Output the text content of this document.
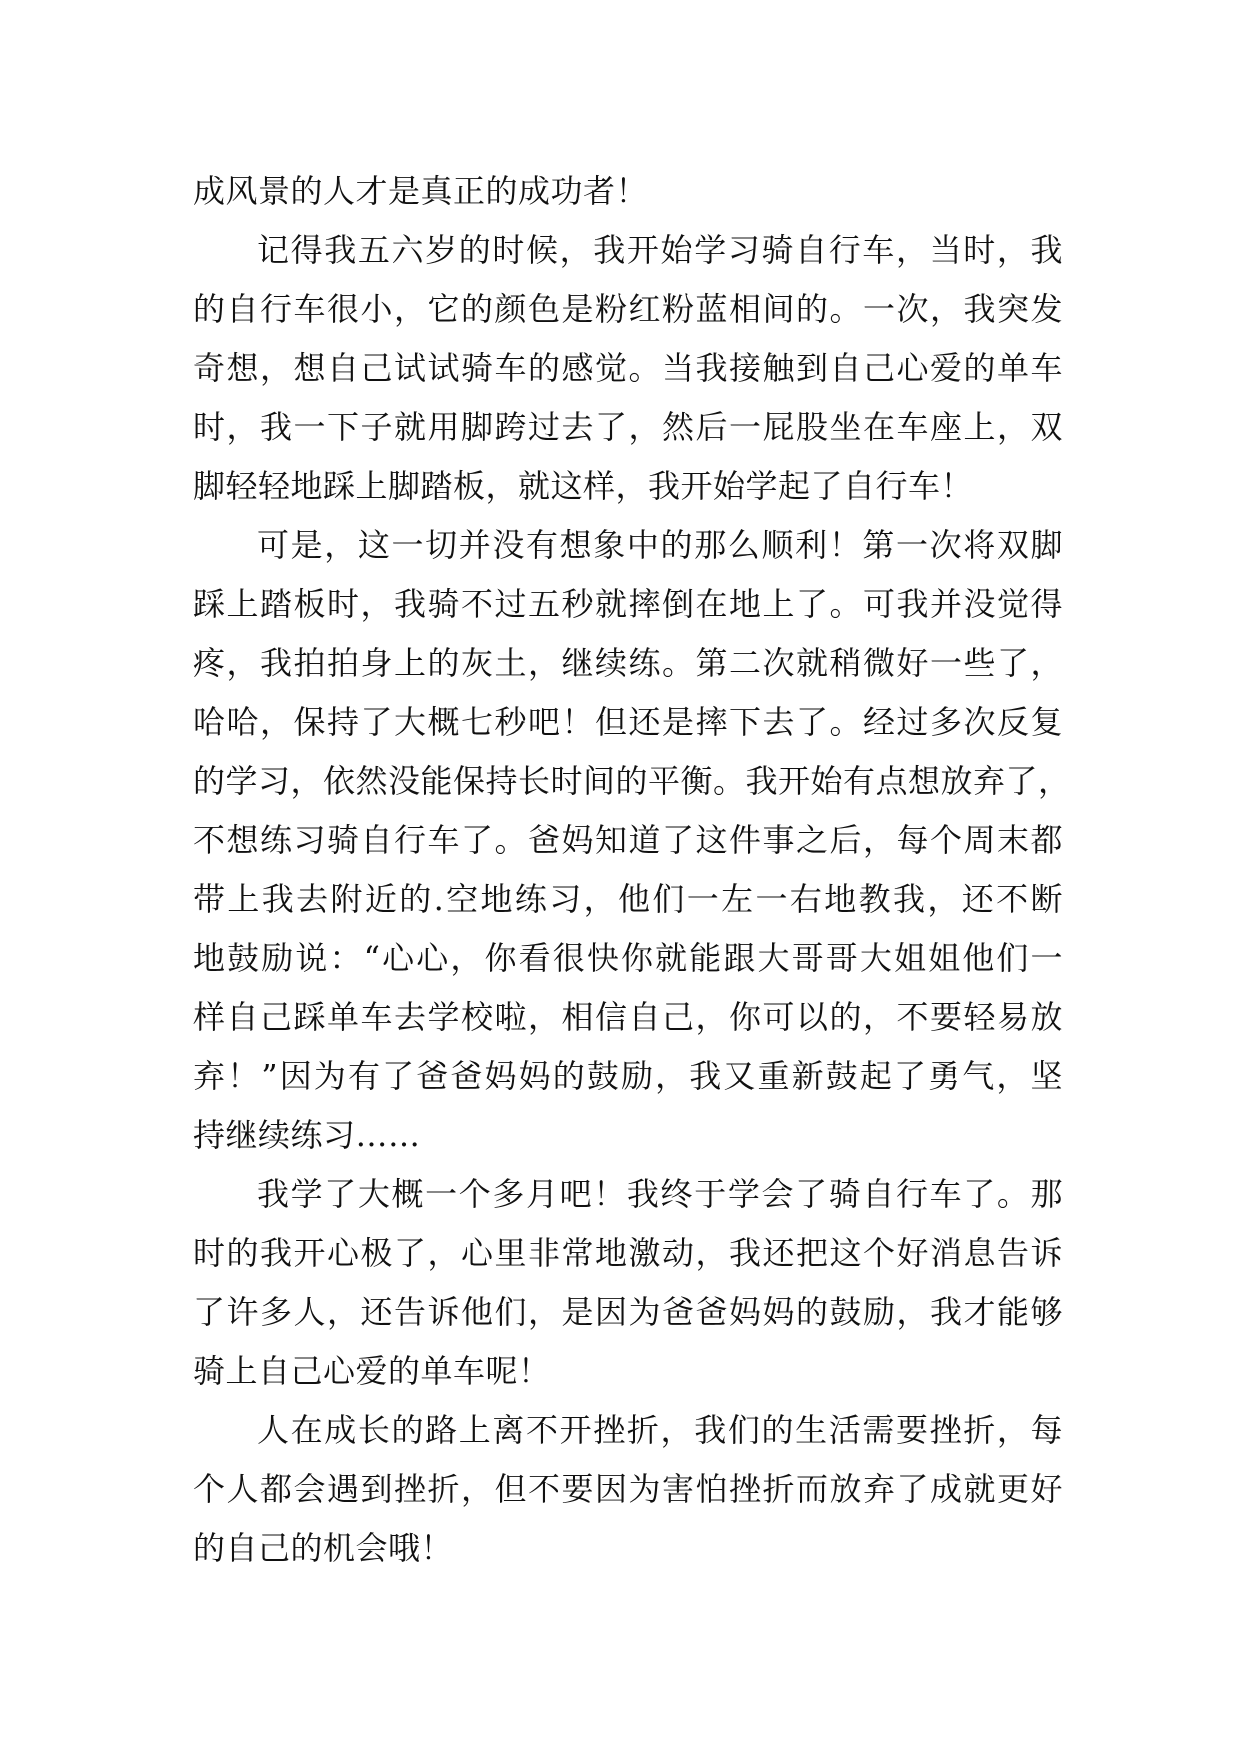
成风景的人才是真正的成功者！
记得我五六岁的时候，我开始学习骑自行车，当时，我
的自行车很小，它的颜色是粉红粉蓝相间的。一次，我突发
奇想，想自己试试骑车的感觉。当我接触到自己心爱的单车
时，我一下子就用脚跨过去了，然后一屁股坐在车座上，双
脚轻轻地踩上脚踏板，就这样，我开始学起了自行车！
可是，这一切并没有想象中的那么顺利！第一次将双脚
踩上踏板时，我骑不过五秒就摔倒在地上了。可我并没觉得
疼，我拍拍身上的灰土，继续练。第二次就稍微好一些了，
哈哈，保持了大概七秒吧！但还是摔下去了。经过多次反复
的学习，依然没能保持长时间的平衡。我开始有点想放弃了，
不想练习骑自行车了。爸妈知道了这件事之后，每个周末都
带上我去附近的.空地练习，他们一左一右地教我，还不断
地鼓励说：“心心，你看很快你就能跟大哥哥大姐姐他们一
样自己踩单车去学校啦，相信自己，你可以的，不要轻易放
弃！”因为有了爸爸妈妈的鼓励，我又重新鼓起了勇气，坚
持继续练习……
我学了大概一个多月吧！我终于学会了骑自行车了。那
时的我开心极了，心里非常地激动，我还把这个好消息告诉
了许多人，还告诉他们，是因为爸爸妈妈的鼓励，我才能够
骑上自己心爱的单车呢！
人在成长的路上离不开挫折，我们的生活需要挫折，每
个人都会遇到挫折，但不要因为害怕挫折而放弃了成就更好
的自己的机会哦！
